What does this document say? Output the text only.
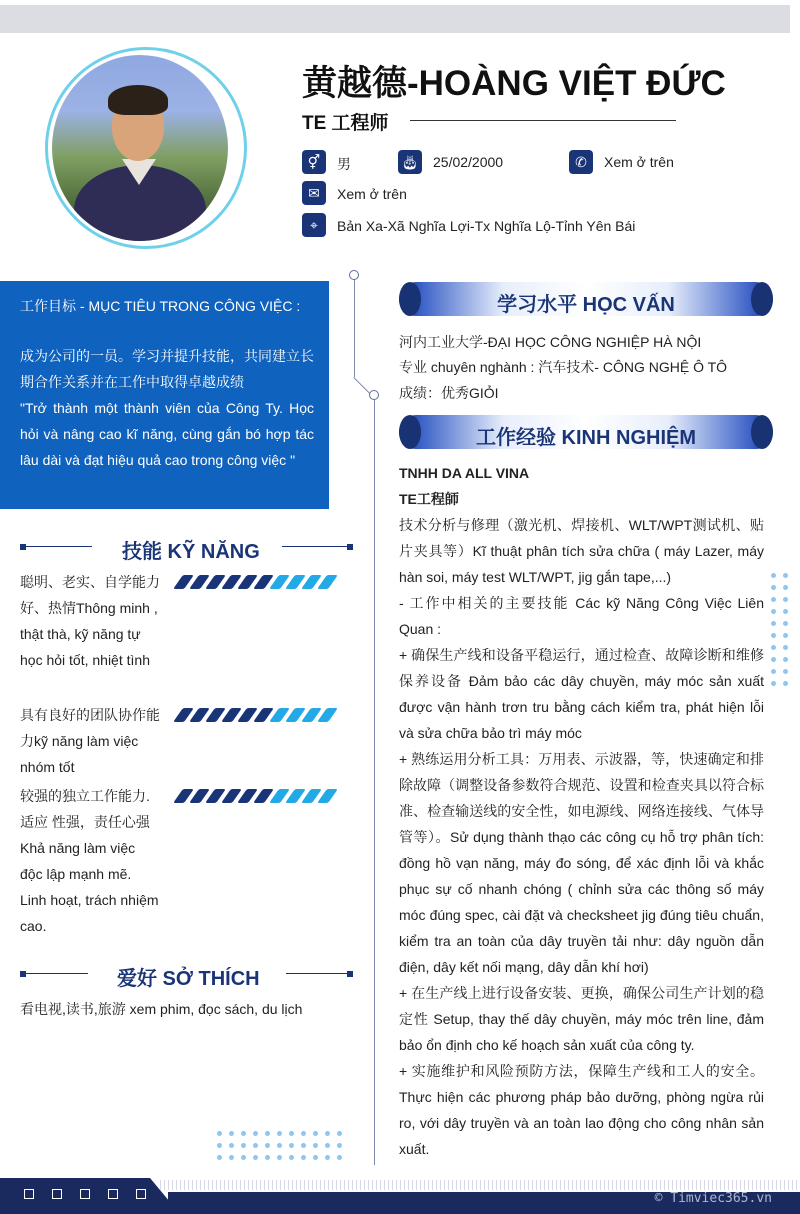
黄越德-HOÀNG VIỆT ĐỨC
TE 工程师
⚥	男	🎂︎ 25/02/2000	✆	Xem ở trên
✉	Xem ở trên
⌖	Bản Xa-Xã Nghĩa Lợi-Tx Nghĩa Lộ-Tỉnh Yên Bái
工作目标 - MỤC TIÊU TRONG CÔNG VIỆC :
成为公司的一员。学习并提升技能，共同建立长期合作关系并在工作中取得卓越成绩
"Trở thành một thành viên của Công Ty. Học hỏi và nâng cao kĩ năng, cùng gắn bó hợp tác lâu dài và đạt hiệu quả cao trong công việc "
技能 KỸ NĂNG
聪明、老实、自学能力好、热情Thông minh , thật thà, kỹ năng tự học hỏi tốt, nhiệt tình
具有良好的团队协作能力kỹ năng làm việc nhóm tốt
较强的独立工作能力.适应 性强，责任心强 Khả năng làm việc độc lập mạnh mẽ. Linh hoạt, trách nhiệm cao.
爱好 SỞ THÍCH
看电视,读书,旅游 xem phim, đọc sách, du lịch
学习水平 HỌC VẤN
河内工业大学-ĐẠI HỌC CÔNG NGHIỆP HÀ NỘI
专业 chuyên nghành : 汽车技术- CÔNG NGHỆ Ô TÔ
成绩：优秀GIỎI
工作经验 KINH NGHIỆM

TNHH DA ALL VINA

TE工程師

技术分析与修理（激光机、焊接机、WLT/WPT测试机、贴片夹具等）Kĩ thuật phân tích sửa chữa ( máy Lazer, máy hàn soi, máy test WLT/WPT, jig gắn tape,...)

- 工作中相关的主要技能 Các kỹ Năng Công Việc Liên Quan :

+ 确保生产线和设备平稳运行，通过检查、故障诊断和维修保养设备 Đảm bảo các dây chuyền, máy móc sản xuất được vận hành trơn tru bằng cách kiểm tra, phát hiện lỗi và sửa chữa bảo trì máy móc

+ 熟练运用分析工具：万用表、示波器，等，快速确定和排除故障（调整设备参数符合规范、设置和检查夹具以符合标准、检查输送线的安全性，如电源线、网络连接线、气体导管等）。Sử dụng thành thạo các công cụ hỗ trợ phân tích: đồng hồ vạn năng, máy đo sóng, để xác định lỗi và khắc phục sự cố nhanh chóng ( chỉnh sửa các thông số máy móc đúng spec, cài đặt và checksheet jig đúng tiêu chuẩn, kiểm tra an toàn của dây truyền tải như: dây nguồn dẫn điện, dây kết nối mạng, dây dẫn khí hơi)

+ 在生产线上进行设备安装、更换，确保公司生产计划的稳定性 Setup, thay thế dây chuyền, máy móc trên line, đảm bảo ổn định cho kế hoạch sản xuất của công ty.

+ 实施维护和风险预防方法，保障生产线和工人的安全。Thực hiện các phương pháp bảo dưỡng, phòng ngừa rủi ro, với dây truyền và an toàn lao động cho công nhân sản xuất.

© Timviec365.vn
